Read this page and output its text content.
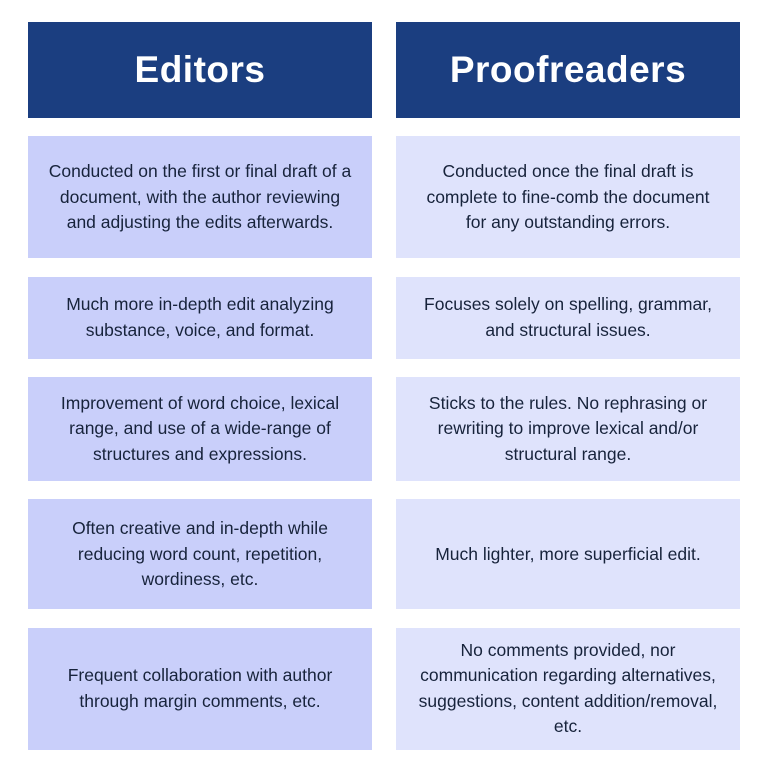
Editors	Proofreaders
Conducted on the first or final draft of a document, with the author reviewing and adjusting the edits afterwards.
Conducted once the final draft is complete to fine-comb the document for any outstanding errors.
Much more in-depth edit analyzing substance, voice, and format.
Focuses solely on spelling, grammar, and structural issues.
Improvement of word choice, lexical range, and use of a wide-range of structures and expressions.
Sticks to the rules. No rephrasing or rewriting to improve lexical and/or structural range.
Often creative and in-depth while reducing word count, repetition, wordiness, etc.
Much lighter, more superficial edit.
Frequent collaboration with author through margin comments, etc.
No comments provided, nor communication regarding alternatives, suggestions, content addition/removal, etc.
